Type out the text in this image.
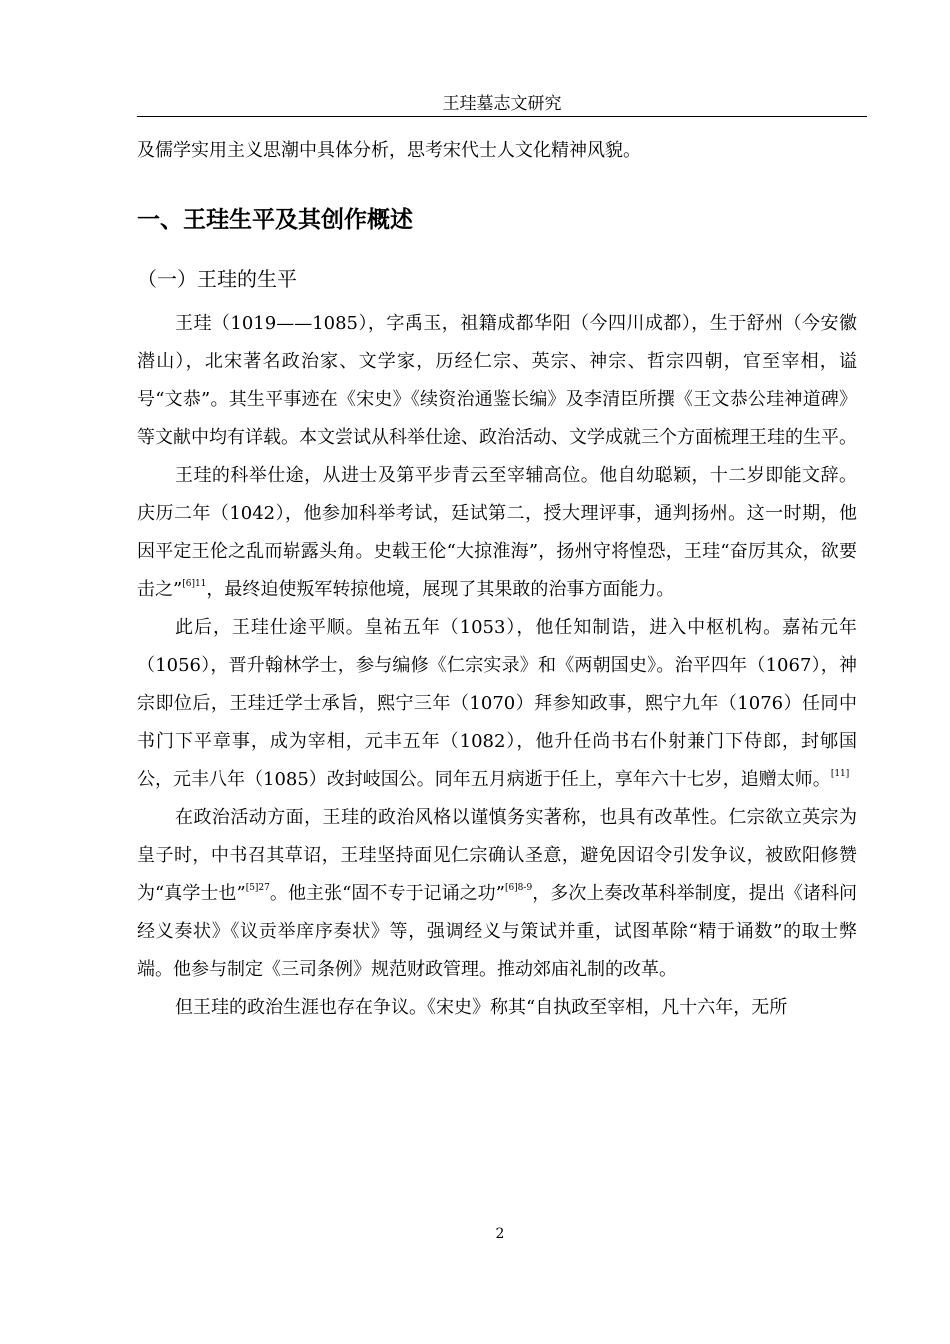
王珪墓志文研究

及儒学实用主义思潮中具体分析，思考宋代士人文化精神风貌。

一、王珪生平及其创作概述

（一）王珪的生平

王珪（1019——1085），字禹玉，祖籍成都华阳（今四川成都），生于舒州（今安徽潜山），北宋著名政治家、文学家，历经仁宗、英宗、神宗、哲宗四朝，官至宰相，谥号“文恭”。其生平事迹在《宋史》《续资治通鉴长编》及李清臣所撰《王文恭公珪神道碑》等文献中均有详载。本文尝试从科举仕途、政治活动、文学成就三个方面梳理王珪的生平。

王珪的科举仕途，从进士及第平步青云至宰辅高位。他自幼聪颖，十二岁即能文辞。庆历二年（1042），他参加科举考试，廷试第二，授大理评事，通判扬州。这一时期，他因平定王伦之乱而崭露头角。史载王伦“大掠淮海”，扬州守将惶恐，王珪“奋厉其众，欲要击之”$^{[6]11}$，最终迫使叛军转掠他境，展现了其果敢的治事方面能力。

此后，王珪仕途平顺。皇祐五年（1053），他任知制诰，进入中枢机构。嘉祐元年（1056），晋升翰林学士，参与编修《仁宗实录》和《两朝国史》。治平四年（1067），神宗即位后，王珪迁学士承旨，熙宁三年（1070）拜参知政事，熙宁九年（1076）任同中书门下平章事，成为宰相，元丰五年（1082），他升任尚书右仆射兼门下侍郎，封郇国公，元丰八年（1085）改封岐国公。同年五月病逝于任上，享年六十七岁，追赠太师。[11]

在政治活动方面，王珪的政治风格以谨慎务实著称，也具有改革性。仁宗欲立英宗为皇子时，中书召其草诏，王珪坚持面见仁宗确认圣意，避免因诏令引发争议，被欧阳修赞为“真学士也”$^{[5]27}$。他主张“固不专于记诵之功”$^{[6]8-9}$，多次上奏改革科举制度，提出《诸科问经义奏状》《议贡举庠序奏状》等，强调经义与策试并重，试图革除“精于诵数”的取士弊端。他参与制定《三司条例》规范财政管理。推动郊庙礼制的改革。

但王珪的政治生涯也存在争议。《宋史》称其“自执政至宰相，凡十六年，无所

2
